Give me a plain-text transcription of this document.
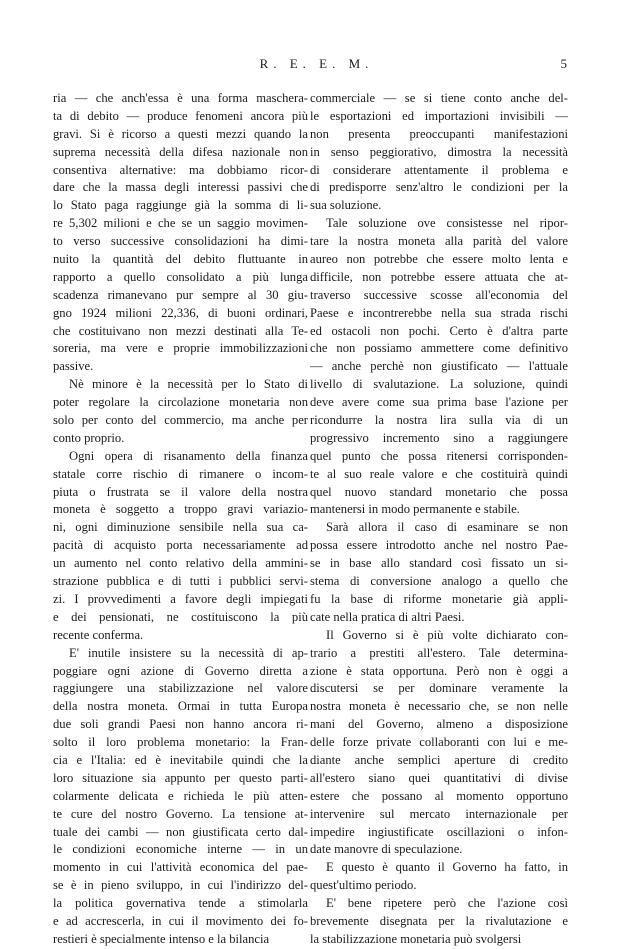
R. E. E. M.	5
ria — che anch'essa è una forma mascherа-
ta di debito — produce fenomeni ancora più
gravi. Si è ricorso a questi mezzi quando la
suprema necessità della difesa nazionale non
consentiva alternative: ma dobbiamo ricor-
dare che la massa degli interessi passivi che
lo Stato paga raggiunge già la somma di li-
re 5,302 milioni e che se un saggio movimen-
to verso successive consolidazioni ha dimi-
nuito la quantità del debito fluttuante in
rapporto a quello consolidato a più lunga
scadenza rimanevano pur sempre al 30 giu-
gno 1924 milioni 22,336, di buoni ordinari,
che costituivano non mezzi destinati alla Te-
soreria, ma vere e proprie immobilizzazioni
passive.
Nè minore è la necessità per lo Stato di
poter regolare la circolazione monetaria non
solo per conto del commercio, ma anche per
conto proprio.
Ogni opera di risanamento della finanza
statale corre rischio di rimanere o incom-
piuta o frustrata se il valore della nostra
moneta è soggetto a troppo gravi variazio-
ni, ogni diminuzione sensibile nella sua ca-
pacità di acquisto porta necessariamente ad
un aumento nel conto relativo della ammini-
strazione pubblica e di tutti i pubblici servi-
zi. I provvedimenti a favore degli impiegati
e dei pensionati, ne costituiscono la più
recente conferma.
E' inutile insistere su la necessità di ap-
poggiare ogni azione di Governo diretta a
raggiungere una stabilizzazione nel valore
della nostra moneta. Ormai in tutta Europa
due soli grandi Paesi non hanno ancora ri-
solto il loro problema monetario: la Fran-
cia e l'Italia: ed è inevitabile quindi che la
loro situazione sia appunto per questo parti-
colarmente delicata e richieda le più atten-
te cure del nostro Governo. La tensione at-
tuale dei cambi — non giustificata certo dal-
le condizioni economiche interne — in un
momento in cui l'attività economica del pae-
se è in pieno sviluppo, in cui l'indirizzo del-
la politica governativa tende a stimolarla
e ad accrescerla, in cui il movimento dei fo-
restieri è specialmente intenso e la bilancia
commerciale — se si tiene conto anche del-
le esportazioni ed importazioni invisibili —
non presenta preoccupanti manifestazioni
in senso peggiorativo, dimostra la necessità
di considerare attentamente il problema e
di predisporre senz'altro le condizioni per la
sua soluzione.
Tale soluzione ove consistesse nel ripor-
tare la nostra moneta alla parità del valore
aureo non potrebbe che essere molto lenta e
difficile, non potrebbe essere attuata che at-
traverso successive scosse all'economia del
Paese e incontrerebbe nella sua strada rischi
ed ostacoli non pochi. Certo è d'altra parte
che non possiamo ammettere come definitivo
— anche perchè non giustificato — l'attuale
livello di svalutazione. La soluzione, quindi
deve avere come sua prima base l'azione per
ricondurre la nostra lira sulla via di un
progressivo incremento sino a raggiungere
quel punto che possa ritenersi corrisponden-
te al suo reale valore e che costituirà quindi
quel nuovo standard monetario che possa
mantenersi in modo permanente e stabile.
Sarà allora il caso di esaminare se non
possa essere introdotto anche nel nostro Pae-
se in base allo standard così fissato un si-
stema di conversione analogo a quello che
fu la base di riforme monetarie già appli-
cate nella pratica di altri Paesi.
Il Governo si è più volte dichiarato con-
trario a prestiti all'estero. Tale determina-
zione è stata opportuna. Però non è oggi a
discutersi se per dominare veramente la
nostra moneta è necessario che, se non nelle
mani del Governo, almeno a disposizione
delle forze private collaboranti con lui e me-
diante anche semplici aperture di credito
all'estero siano quei quantitativi di divise
estere che possano al momento opportuno
intervenire sul mercato internazionale per
impedire ingiustificate oscillazioni o infon-
date manovre di speculazione.
E questo è quanto il Governo ha fatto, in
quest'ultimo periodo.
E' bene ripetere però che l'azione così
brevemente disegnata per la rivalutazione e
la stabilizzazione monetaria può svolgersi
